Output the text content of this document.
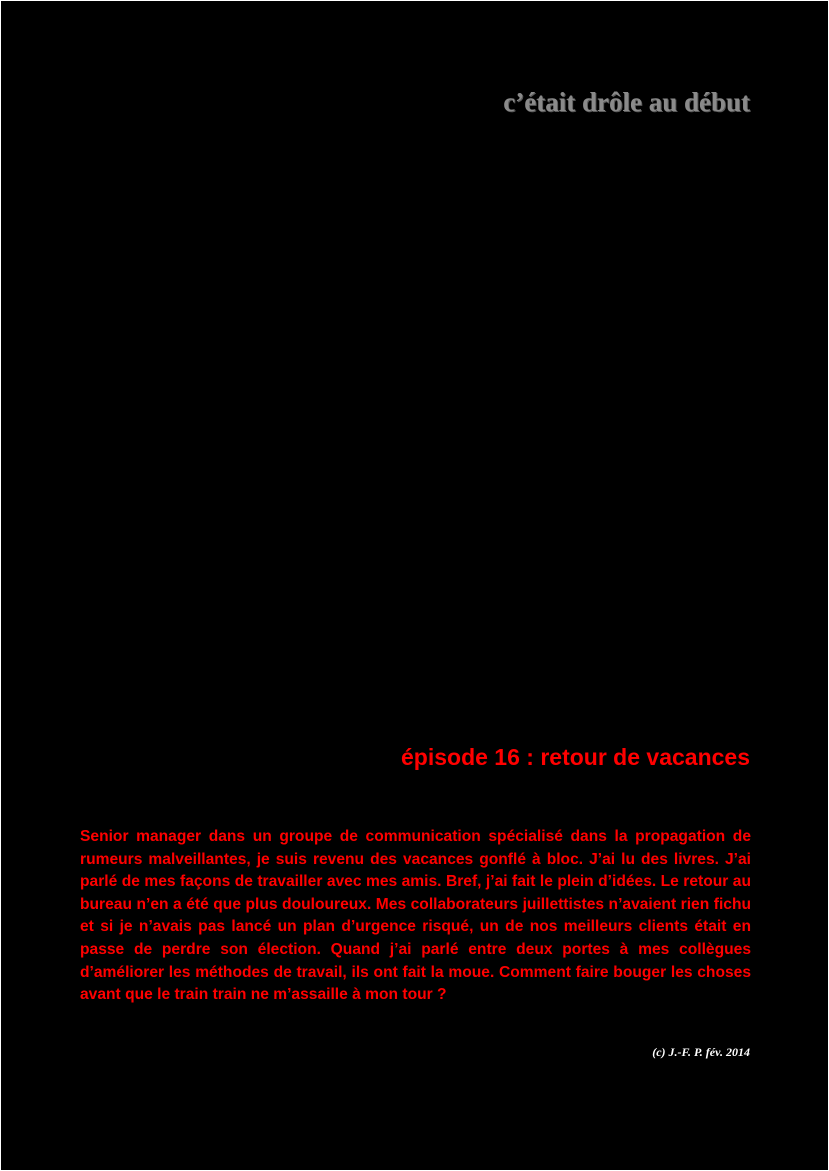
c’était drôle au début
épisode 16 : retour de vacances

Senior manager dans un groupe de communication spécialisé dans la propagation de rumeurs malveillantes, je suis revenu des vacances gonflé à bloc. J’ai lu des livres. J’ai parlé de mes façons de travailler avec mes amis. Bref, j’ai fait le plein d’idées. Le retour au bureau n’en a été que plus douloureux. Mes collaborateurs juillettistes n’avaient rien fichu et si je n’avais pas lancé un plan d’urgence risqué, un de nos meilleurs clients était en passe de perdre son élection. Quand j’ai parlé entre deux portes à mes collègues d’améliorer les méthodes de travail, ils ont fait la moue. Comment faire bouger les choses avant que le train train ne m’assaille à mon tour ?

(c) J.-F. P. fév. 2014
